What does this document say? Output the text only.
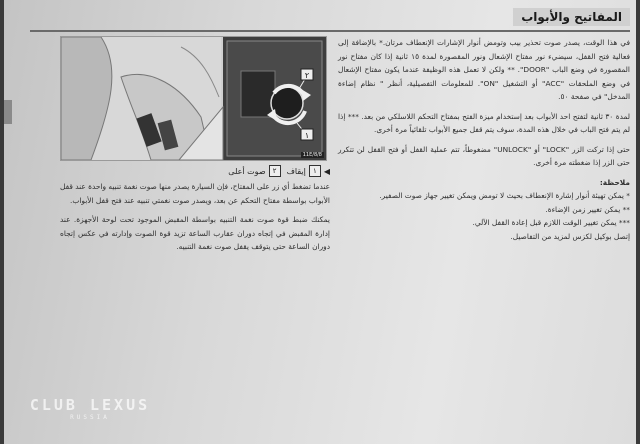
المفاتيح والأبواب

في هذا الوقت، يصدر صوت تحذير بيب وتومض أنوار الإشارات الإنعطاف مرتان.* بالإضافة إلى فعالية فتح القفل، سيضيء نور مفتاح الإشعال ونور المقصورة لمدة ١٥ ثانية إذا كان مفتاح نور المقصورة في وضع الباب "DOOR". ** ولكن لا تعمل هذه الوظيفة عندما يكون مفتاح الإشعال في وضع الملحقات "ACC" أو التشغيل "ON". للمعلومات التفصيلية، أنظر " نظام إضاءة المدخل" في صفحة ٥٠.

لمدة ٣٠ ثانية لتفتح احد الأبواب بعد إستخدام ميزة الفتح بمفتاح التحكم اللاسلكي من بعد. *** إذا لم يتم فتح الباب في خلال هذه المدة، سوف يتم قفل جميع الأبواب تلقائياً مرة أخرى.

حتى إذا تركت الزر "LOCK" أو "UNLOCK" مضغوطاً، تتم عملية القفل أو فتح القفل لن تتكرر حتى الزر إذا ضغطته مرة أخرى.

ملاحظة:

* يمكن تهيئة أنوار إشارة الإنعطاف بحيث لا تومض ويمكن تغيير جهاز صوت الصفير.

** يمكن تغيير زمن الإضاءة.

*** يمكن تغيير الوقت اللازم قبل إعادة القفل الآلي.

إتصل بوكيل لكزس لمزيد من التفاصيل.

٢
١
11E/8/8
◀
١
إيقاف
٢
صوت أعلى

عندما تضغط أي زر على المفتاح، فإن السيارة يصدر منها صوت نغمة تنبيه واحدة عند قفل الأبواب بواسطة مفتاح التحكم عن بعد، ويصدر صوت نغمتي تنبيه عند فتح قفل الأبواب.

يمكنك ضبط قوة صوت نغمة التنبيه بواسطة المقبض الموجود تحت لوحة الأجهزة. عند إدارة المقبض في إتجاه دوران عقارب الساعة تزيد قوة الصوت وإدارته في عكس إتجاه دوران الساعة حتى يتوقف يقفل صوت نغمة التنبيه.

CLUB LEXUS
RUSSIA
